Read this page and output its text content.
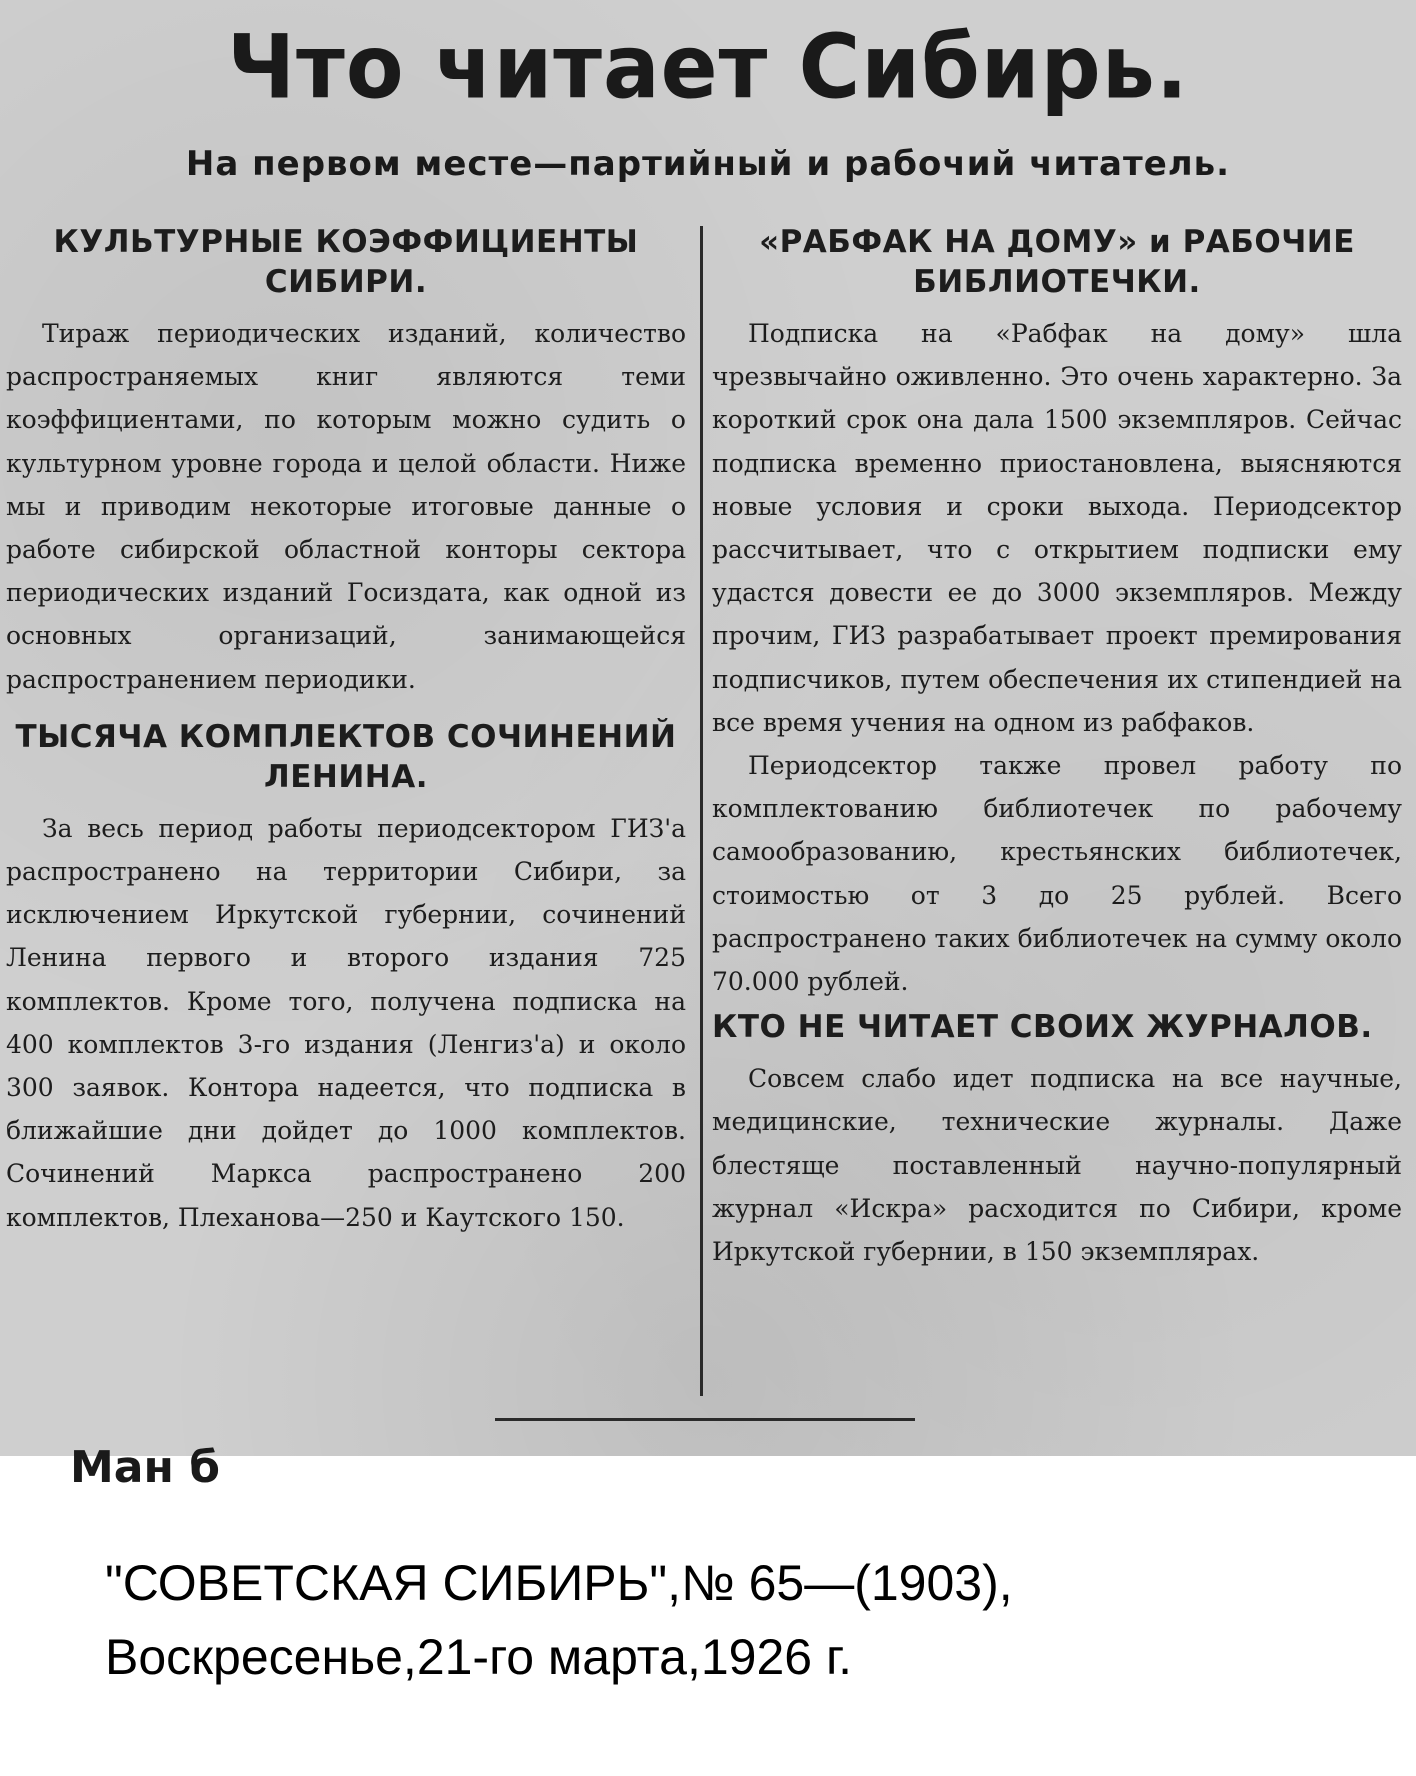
Что читает Сибирь.
На первом месте—партийный и рабочий читатель.
КУЛЬТУРНЫЕ КОЭФФИЦИЕНТЫ СИБИРИ.

Тираж периодических изданий, количество распространяемых книг являются теми коэффициентами, по которым можно судить о культурном уровне города и целой области. Ниже мы и приводим некоторые итоговые данные о работе сибирской областной конторы сектора периодических изданий Госиздата, как одной из основных организаций, занимающейся распространением периодики.

ТЫСЯЧА КОМПЛЕКТОВ СОЧИНЕНИЙ ЛЕНИНА.

За весь период работы периодсектором ГИЗ'а распространено на территории Сибири, за исключением Иркутской губернии, сочинений Ленина первого и второго издания 725 комплектов. Кроме того, получена подписка на 400 комплектов 3-го издания (Ленгиз'а) и около 300 заявок. Контора надеется, что подписка в ближайшие дни дойдет до 1000 комплектов. Сочинений Маркса распространено 200 комплектов, Плеханова—250 и Каутского 150.

«РАБФАК НА ДОМУ» и РАБОЧИЕ БИБЛИОТЕЧКИ.

Подписка на «Рабфак на дому» шла чрезвычайно оживленно. Это очень характерно. За короткий срок она дала 1500 экземпляров. Сейчас подписка временно приостановлена, выясняются новые условия и сроки выхода. Периодсектор рассчитывает, что с открытием подписки ему удастся довести ее до 3000 экземпляров. Между прочим, ГИЗ разрабатывает проект премирования подписчиков, путем обеспечения их стипендией на все время учения на одном из рабфаков.

Периодсектор также провел работу по комплектованию библиотечек по рабочему самообразованию, крестьянских библиотечек, стоимостью от 3 до 25 рублей. Всего распространено таких библиотечек на сумму около 70.000 рублей.

КТО НЕ ЧИТАЕТ СВОИХ ЖУРНАЛОВ.

Совсем слабо идет подписка на все научные, медицинские, технические журналы. Даже блестяще поставленный научно-популярный журнал «Искра» расходится по Сибири, кроме Иркутской губернии, в 150 экземплярах.

Ман б
"СОВЕТСКАЯ СИБИРЬ",№ 65—(1903),
Воскресенье,21-го марта,1926 г.
